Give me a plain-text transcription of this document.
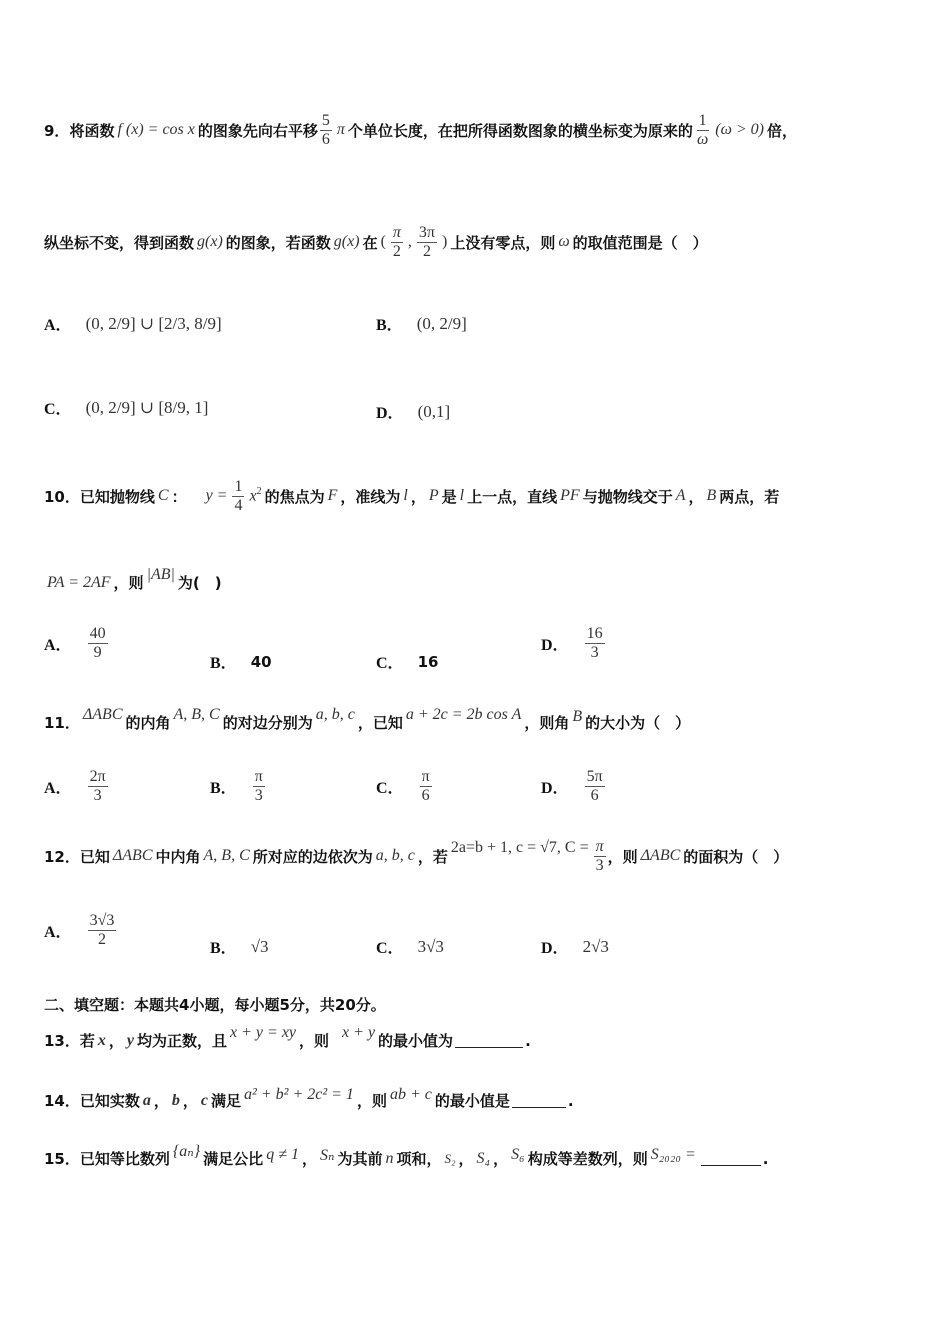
9． 将函数 f (x) = cos x 的图象先向右平移 $\frac{5}{6}$ π 个单位长度，在把所得函数图象的横坐标变为原来的 $\frac{1}{\omega} (\omega > 0)$ 倍，
纵坐标不变，得到函数 g(x) 的图象，若函数 g(x) 在 ( $\frac{\pi}{2}$ , $\frac{3\pi}{2}$ ) 上没有零点，则 ω 的取值范围是（　）
A． (0, 2/9] ∪ [2/3, 8/9]	B． (0, 2/9]
C． (0, 2/9] ∪ [8/9, 1]	D． (0,1]
10． 已知抛物线 C ： $y = \frac{1}{4} x^2$ 的焦点为 F ，准线为 l ， P 是 l 上一点，直线 PF 与抛物线交于 A ， B 两点，若
PA = 2AF ，则 |AB| 为(　)
A． $\frac{40}{9}$
B． 40	C． 16
D． $\frac{16}{3}$
11． ΔABC 的内角 A, B, C 的对边分别为 a, b, c ，已知 a + 2c = 2b cos A ，则角 B 的大小为（　）
A． $\frac{2\pi}{3}$	B． $\frac{\pi}{3}$	C． $\frac{\pi}{6}$	D． $\frac{5\pi}{6}$
12． 已知 ΔABC 中内角 A, B, C 所对应的边依次为 a, b, c ，若 2a=b + 1, c = √7, $C = \frac{\pi}{3}$ ，则 ΔABC 的面积为（　）
A． $\frac{3√3}{2}$
B． √3	C． 3√3	D． 2√3
二、填空题：本题共4小题，每小题5分，共20分。
13． 若 x ， y 均为正数，且 x + y = xy ，则 x + y 的最小值为	.
14． 已知实数 a ， b ， c 满足 a² + b² + 2c² = 1 ，则 ab + c 的最小值是	.
15． 已知等比数列 {aₙ} 满足公比 q ≠ 1 ， Sₙ 为其前 n 项和， S₂ ， S₄ ， S₆ 构成等差数列，则 S₂₀₂₀ =	.
